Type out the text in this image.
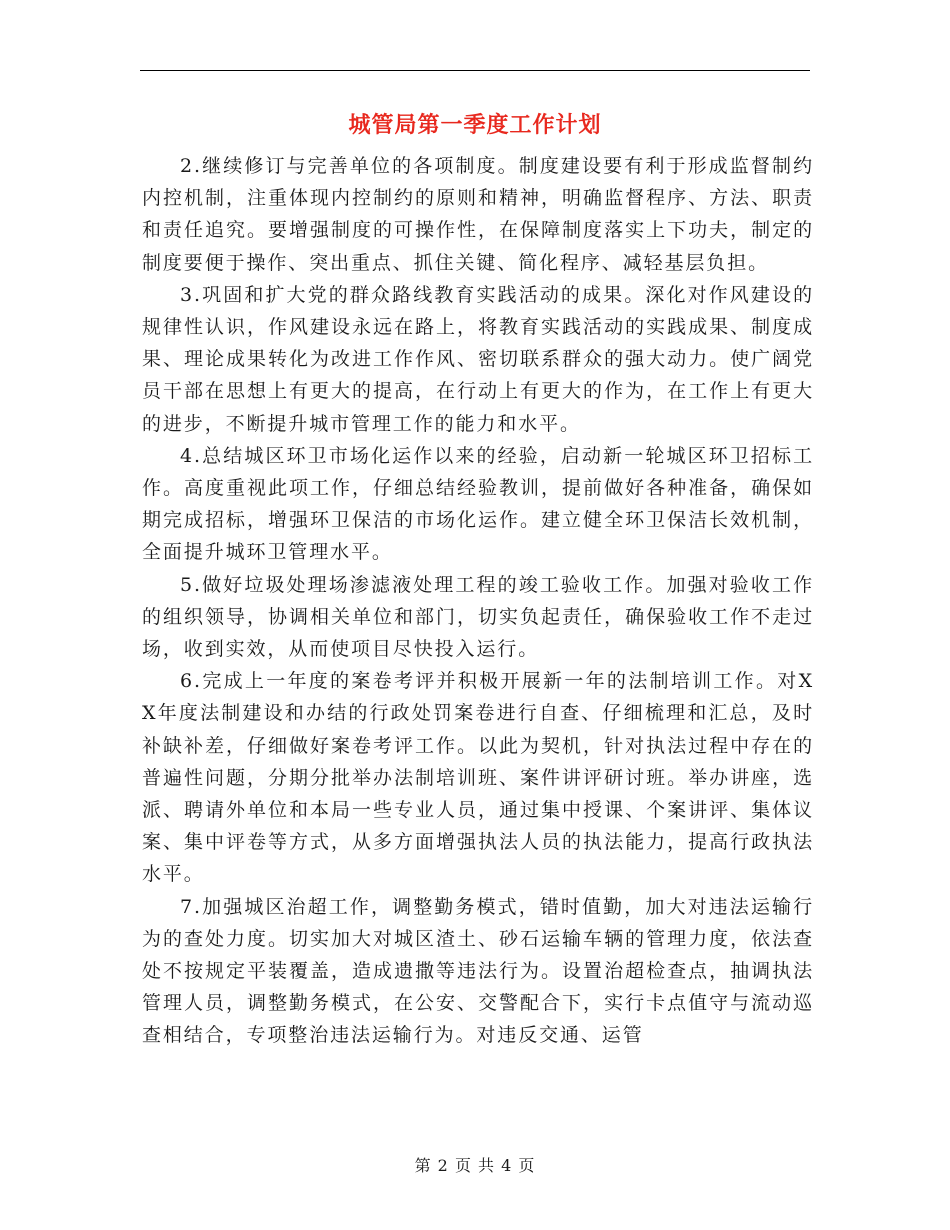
城管局第一季度工作计划

2.继续修订与完善单位的各项制度。制度建设要有利于形成监督制约内控机制，注重体现内控制约的原则和精神，明确监督程序、方法、职责和责任追究。要增强制度的可操作性，在保障制度落实上下功夫，制定的制度要便于操作、突出重点、抓住关键、简化程序、减轻基层负担。

3.巩固和扩大党的群众路线教育实践活动的成果。深化对作风建设的规律性认识，作风建设永远在路上，将教育实践活动的实践成果、制度成果、理论成果转化为改进工作作风、密切联系群众的强大动力。使广阔党员干部在思想上有更大的提高，在行动上有更大的作为，在工作上有更大的进步，不断提升城市管理工作的能力和水平。

4.总结城区环卫市场化运作以来的经验，启动新一轮城区环卫招标工作。高度重视此项工作，仔细总结经验教训，提前做好各种准备，确保如期完成招标，增强环卫保洁的市场化运作。建立健全环卫保洁长效机制，全面提升城环卫管理水平。

5.做好垃圾处理场渗滤液处理工程的竣工验收工作。加强对验收工作的组织领导，协调相关单位和部门，切实负起责任，确保验收工作不走过场，收到实效，从而使项目尽快投入运行。

6.完成上一年度的案卷考评并积极开展新一年的法制培训工作。对XX年度法制建设和办结的行政处罚案卷进行自查、仔细梳理和汇总，及时补缺补差，仔细做好案卷考评工作。以此为契机，针对执法过程中存在的普遍性问题，分期分批举办法制培训班、案件讲评研讨班。举办讲座，选派、聘请外单位和本局一些专业人员，通过集中授课、个案讲评、集体议案、集中评卷等方式，从多方面增强执法人员的执法能力，提高行政执法水平。

7.加强城区治超工作，调整勤务模式，错时值勤，加大对违法运输行为的查处力度。切实加大对城区渣土、砂石运输车辆的管理力度，依法查处不按规定平装覆盖，造成遗撒等违法行为。设置治超检查点，抽调执法管理人员，调整勤务模式，在公安、交警配合下，实行卡点值守与流动巡查相结合，专项整治违法运输行为。对违反交通、运管

第 2 页 共 4 页
